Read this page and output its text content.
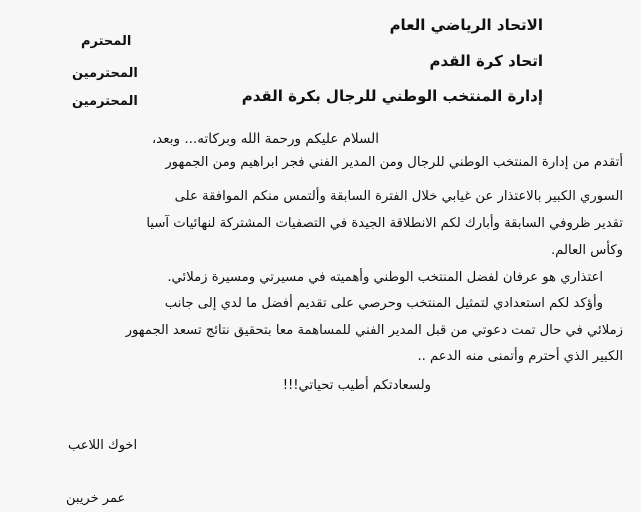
الاتحاد الرياضي العام
اتحاد كرة القدم
إدارة المنتخب الوطني للرجال بكرة القدم
المحترم
المحترمين
المحترمين
السلام عليكم ورحمة الله وبركاته... وبعد،
أتقدم من إدارة المنتخب الوطني للرجال ومن المدير الفني فجر ابراهيم ومن الجمهور
السوري الكبير بالاعتذار عن غيابي خلال الفترة السابقة وألتمس منكم الموافقة على
تقدير ظروفي السابقة وأبارك لكم الانطلاقة الجيدة في التصفيات المشتركة لنهائيات آسيا
وكأس العالم.
اعتذاري هو عرفان لفضل المنتخب الوطني وأهميته في مسيرتي ومسيرة زملائي.
وأؤكد لكم استعدادي لتمثيل المنتخب وحرصي على تقديم أفضل ما لدي إلى جانب
زملائي في حال تمت دعوتي من قبل المدير الفني للمساهمة معا بتحقيق نتائج تسعد الجمهور
الكبير الذي أحترم وأتمنى منه الدعم ..
ولسعادتكم أطيب تحياتي!!!
اخوك اللاعب
عمر خريبن
